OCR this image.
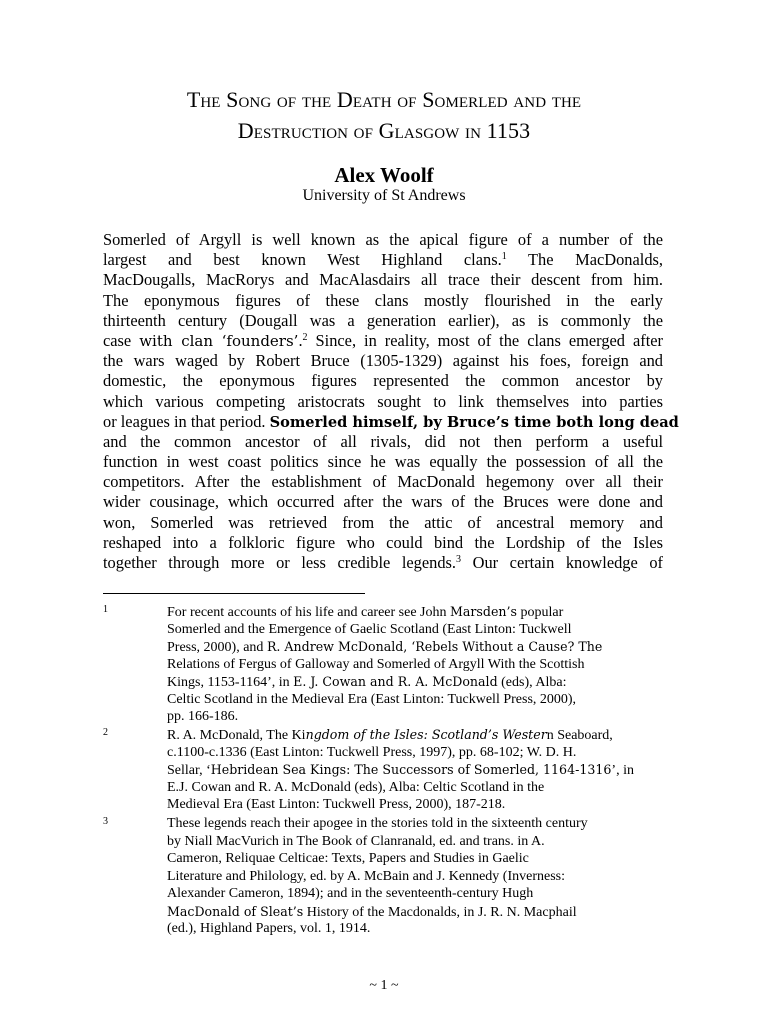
The Song of the Death of Somerled and the
Destruction of Glasgow in 1153
Alex Woolf
University of St Andrews
Somerled of Argyll is well known as the apical figure of a number of the
largest and best known West Highland clans.$^1$ The MacDonalds,
MacDougalls, MacRorys and MacAlasdairs all trace their descent from him.
The eponymous figures of these clans mostly flourished in the early
thirteenth century (Dougall was a generation earlier), as is commonly the
case with clan ‘founders’.$^2$ Since, in reality, most of the clans emerged after
the wars waged by Robert Bruce (1305-1329) against his foes, foreign and
domestic, the eponymous figures represented the common ancestor by
which various competing aristocrats sought to link themselves into parties
or leagues in that period. Somerled himself, by Bruce’s time both long dead
and the common ancestor of all rivals, did not then perform a useful
function in west coast politics since he was equally the possession of all the
competitors. After the establishment of MacDonald hegemony over all their
wider cousinage, which occurred after the wars of the Bruces were done and
won, Somerled was retrieved from the attic of ancestral memory and
reshaped into a folkloric figure who could bind the Lordship of the Isles
together through more or less credible legends.$^3$ Our certain knowledge of
1	For recent accounts of his life and career see John Marsden’s popular
Somerled and the Emergence of Gaelic Scotland (East Linton: Tuckwell
Press, 2000), and R. Andrew McDonald, ‘Rebels Without a Cause? The
Relations of Fergus of Galloway and Somerled of Argyll With the Scottish
Kings, 1153-1164’, in E. J. Cowan and R. A. McDonald (eds), Alba:
Celtic Scotland in the Medieval Era (East Linton: Tuckwell Press, 2000),
pp. 166-186.
2	R. A. McDonald, The Kingdom of the Isles: Scotland’s Western Seaboard,
c.1100-c.1336 (East Linton: Tuckwell Press, 1997), pp. 68-102; W. D. H.
Sellar, ‘Hebridean Sea Kings: The Successors of Somerled, 1164-1316’, in
E.J. Cowan and R. A. McDonald (eds), Alba: Celtic Scotland in the
Medieval Era (East Linton: Tuckwell Press, 2000), 187-218.
3	These legends reach their apogee in the stories told in the sixteenth century
by Niall MacVurich in The Book of Clanranald, ed. and trans. in A.
Cameron, Reliquae Celticae: Texts, Papers and Studies in Gaelic
Literature and Philology, ed. by A. McBain and J. Kennedy (Inverness:
Alexander Cameron, 1894); and in the seventeenth-century Hugh
MacDonald of Sleat’s History of the Macdonalds, in J. R. N. Macphail
(ed.), Highland Papers, vol. 1, 1914.
~ 1 ~
